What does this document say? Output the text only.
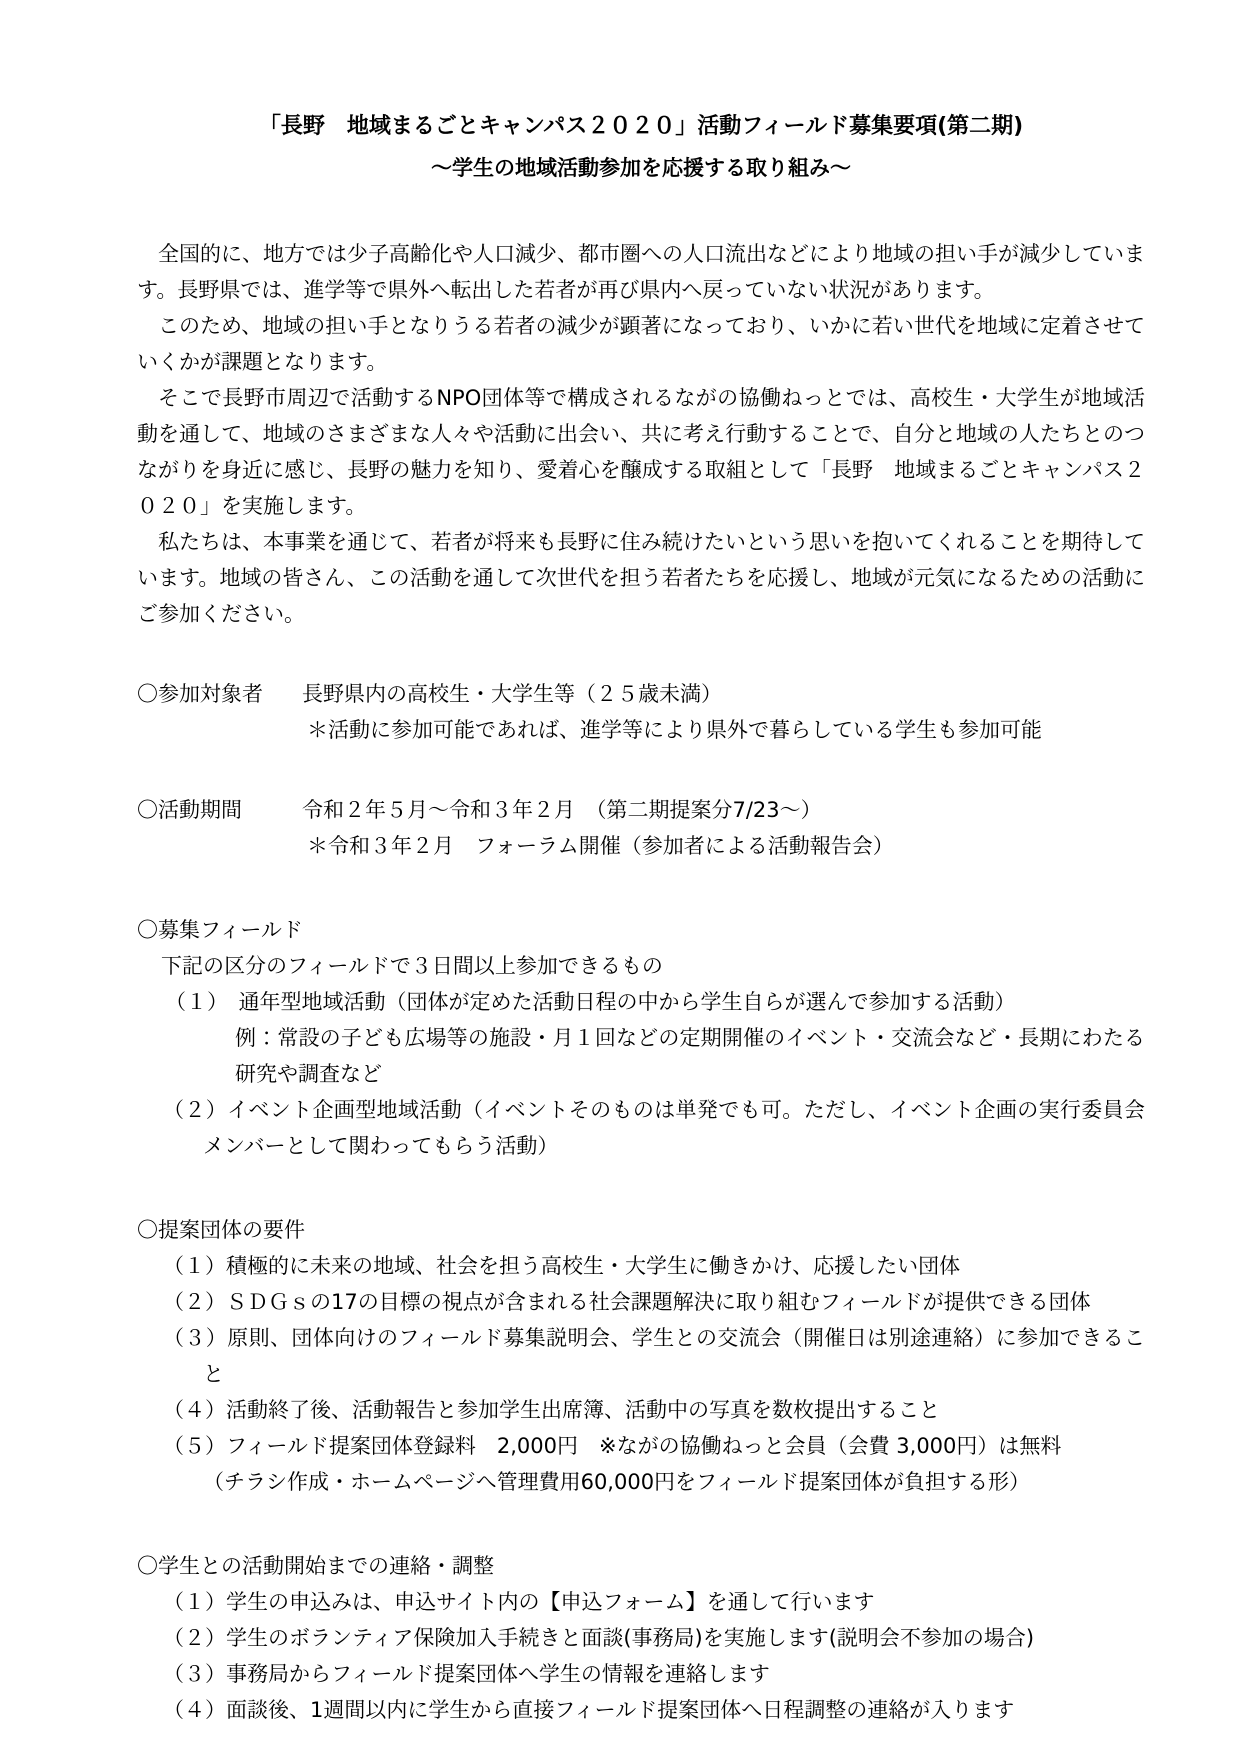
「長野　地域まるごとキャンパス２０２０」活動フィールド募集要項(第二期)
～学生の地域活動参加を応援する取り組み～

全国的に、地方では少子高齢化や人口減少、都市圏への人口流出などにより地域の担い手が減少しています。長野県では、進学等で県外へ転出した若者が再び県内へ戻っていない状況があります。

このため、地域の担い手となりうる若者の減少が顕著になっており、いかに若い世代を地域に定着させていくかが課題となります。

そこで長野市周辺で活動するNPO団体等で構成されるながの協働ねっとでは、高校生・大学生が地域活動を通して、地域のさまざまな人々や活動に出会い、共に考え行動することで、自分と地域の人たちとのつながりを身近に感じ、長野の魅力を知り、愛着心を醸成する取組として「長野　地域まるごとキャンパス２０２０」を実施します。

私たちは、本事業を通じて、若者が将来も長野に住み続けたいという思いを抱いてくれることを期待しています。地域の皆さん、この活動を通して次世代を担う若者たちを応援し、地域が元気になるための活動にご参加ください。

〇参加対象者	長野県内の高校生・大学生等（２５歳未満）
＊活動に参加可能であれば、進学等により県外で暮らしている学生も参加可能
〇活動期間	令和２年５月～令和３年２月　（第二期提案分7/23～）
＊令和３年２月　フォーラム開催（参加者による活動報告会）
〇募集フィールド
下記の区分のフィールドで３日間以上参加できるもの
（１）　通年型地域活動（団体が定めた活動日程の中から学生自らが選んで参加する活動）
例：常設の子ども広場等の施設・月１回などの定期開催のイベント・交流会など・長期にわたる研究や調査など
（２）イベント企画型地域活動（イベントそのものは単発でも可。ただし、イベント企画の実行委員会メンバーとして関わってもらう活動）
〇提案団体の要件
（１）積極的に未来の地域、社会を担う高校生・大学生に働きかけ、応援したい団体
（２）ＳＤＧｓの17の目標の視点が含まれる社会課題解決に取り組むフィールドが提供できる団体
（３）原則、団体向けのフィールド募集説明会、学生との交流会（開催日は別途連絡）に参加できること
（４）活動終了後、活動報告と参加学生出席簿、活動中の写真を数枚提出すること
（５）フィールド提案団体登録料　2,000円　※ながの協働ねっと会員（会費 3,000円）は無料
（チラシ作成・ホームページへ管理費用60,000円をフィールド提案団体が負担する形）
〇学生との活動開始までの連絡・調整
（１）学生の申込みは、申込サイト内の【申込フォーム】を通して行います
（２）学生のボランティア保険加入手続きと面談(事務局)を実施します(説明会不参加の場合)
（３）事務局からフィールド提案団体へ学生の情報を連絡します
（４）面談後、1週間以内に学生から直接フィールド提案団体へ日程調整の連絡が入ります
